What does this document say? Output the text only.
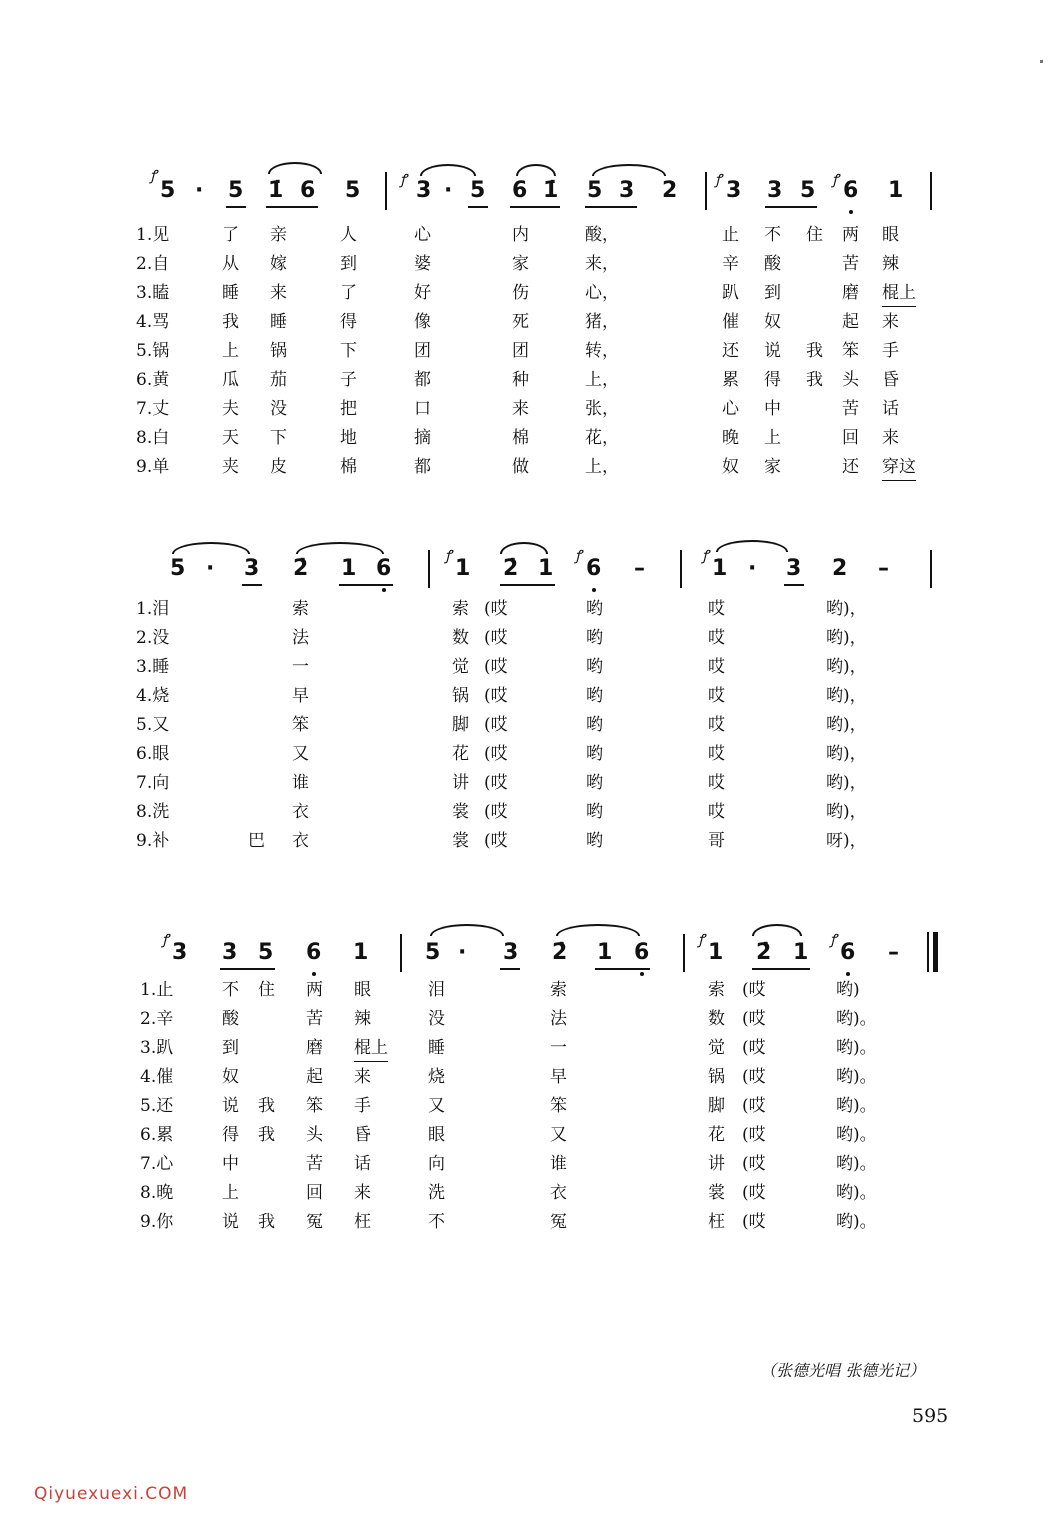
ꝭ
5 · 5 1̇ 6 5	ꝭ 3 · 5 6 1̇ 5 3 2	ꝭ 3 3 5 ꝭ 6 1
1.见	了 亲	人	心	内	酸，	止 不 住 两 眼
2.自	从 嫁	到	婆	家	来，	辛 酸	苦 辣
3.瞌	睡 来	了	好	伤	心，	趴 到	磨 棍上
4.骂	我 睡	得	像	死	猪，	催 奴	起 来
5.锅	上 锅	下	团	团	转，	还 说 我 笨 手
6.黄	瓜 茄	子	都	种	上，	累 得 我 头 昏
7.丈	夫 没	把	口	来	张，	心 中	苦 话
8.白	天 下	地	摘	棉	花，	晚 上	回 来
9.单	夹 皮	棉	都	做	上，	奴 家	还 穿这
5 · 3 2̇ 1 6	ꝭ 1 2̇ 1 ꝭ 6 –	ꝭ 1 · 3 2 –
1.泪	索	索 (哎	哟	哎	哟)，
2.没	法	数 (哎	哟	哎	哟)，
3.睡	一	觉 (哎	哟	哎	哟)，
4.烧	早	锅 (哎	哟	哎	哟)，
5.又	笨	脚 (哎	哟	哎	哟)，
6.眼	又	花 (哎	哟	哎	哟)，
7.向	谁	讲 (哎	哟	哎	哟)，
8.洗	衣	裳 (哎	哟	哎	哟)，
9.补	巴 衣	裳 (哎	哟	哥	呀)，
ꝭ 3 3 5 6 1	5 · 3 2̇ 1 6	ꝭ 1 2̇ 1 ꝭ 6 –
1.止	不 住 两 眼	泪	索	索 (哎	哟)
2.辛	酸	苦 辣	没	法	数 (哎	哟)。
3.趴	到	磨 棍上 睡	一	觉 (哎	哟)。
4.催	奴	起 来	烧	早	锅 (哎	哟)。
5.还	说 我 笨 手	又	笨	脚 (哎	哟)。
6.累	得 我 头 昏	眼	又	花 (哎	哟)。
7.心	中	苦 话	向	谁	讲 (哎	哟)。
8.晚	上	回 来	洗	衣	裳 (哎	哟)。
9.你	说 我 冤 枉	不	冤	枉 (哎	哟)。
（张德光唱 张德光记）
595
Qiyuexuexi.COM
